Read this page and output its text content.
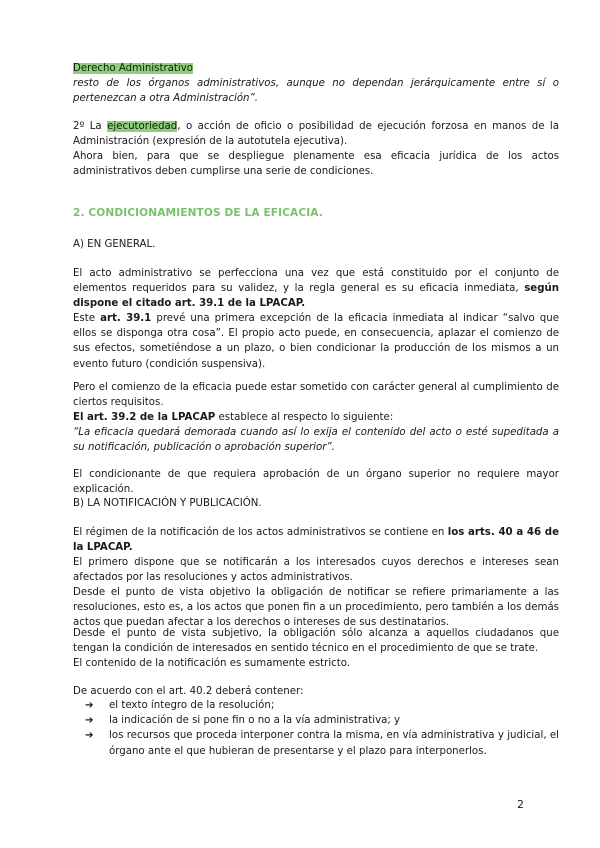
Derecho Administrativo

resto de los órganos administrativos, aunque no dependan jerárquicamente entre sí o pertenezcan a otra Administración”.

2º La ejecutoriedad, o acción de oficio o posibilidad de ejecución forzosa en manos de la Administración (expresión de la autotutela ejecutiva).

Ahora bien, para que se despliegue plenamente esa eficacia jurídica de los actos administrativos deben cumplirse una serie de condiciones.

2. CONDICIONAMIENTOS DE LA EFICACIA.

A) EN GENERAL.

El acto administrativo se perfecciona una vez que está constituido por el conjunto de elementos requeridos para su validez, y la regla general es su eficacia inmediata, según dispone el citado art. 39.1 de la LPACAP.

Este art. 39.1 prevé una primera excepción de la eficacia inmediata al indicar “salvo que ellos se disponga otra cosa”. El propio acto puede, en consecuencia, aplazar el comienzo de sus efectos, sometiéndose a un plazo, o bien condicionar la producción de los mismos a un evento futuro (condición suspensiva).

Pero el comienzo de la eficacia puede estar sometido con carácter general al cumplimiento de ciertos requisitos.

El art. 39.2 de la LPACAP establece al respecto lo siguiente:

“La eficacia quedará demorada cuando así lo exija el contenido del acto o esté supeditada a su notificación, publicación o aprobación superior”.

El condicionante de que requiera aprobación de un órgano superior no requiere mayor explicación.

B) LA NOTIFICACIÓN Y PUBLICACIÓN.

El régimen de la notificación de los actos administrativos se contiene en los arts. 40 a 46 de la LPACAP.

El primero dispone que se notificarán a los interesados cuyos derechos e intereses sean afectados por las resoluciones y actos administrativos.

Desde el punto de vista objetivo la obligación de notificar se refiere primariamente a las resoluciones, esto es, a los actos que ponen fin a un procedimiento, pero también a los demás actos que puedan afectar a los derechos o intereses de sus destinatarios.

Desde el punto de vista subjetivo, la obligación sólo alcanza a aquellos ciudadanos que tengan la condición de interesados en sentido técnico en el procedimiento de que se trate.

El contenido de la notificación es sumamente estricto.

De acuerdo con el art. 40.2 deberá contener:

➔ el texto íntegro de la resolución;
➔ la indicación de si pone fin o no a la vía administrativa; y
➔ los recursos que proceda interponer contra la misma, en vía administrativa y judicial, el órgano ante el que hubieran de presentarse y el plazo para interponerlos.
2
